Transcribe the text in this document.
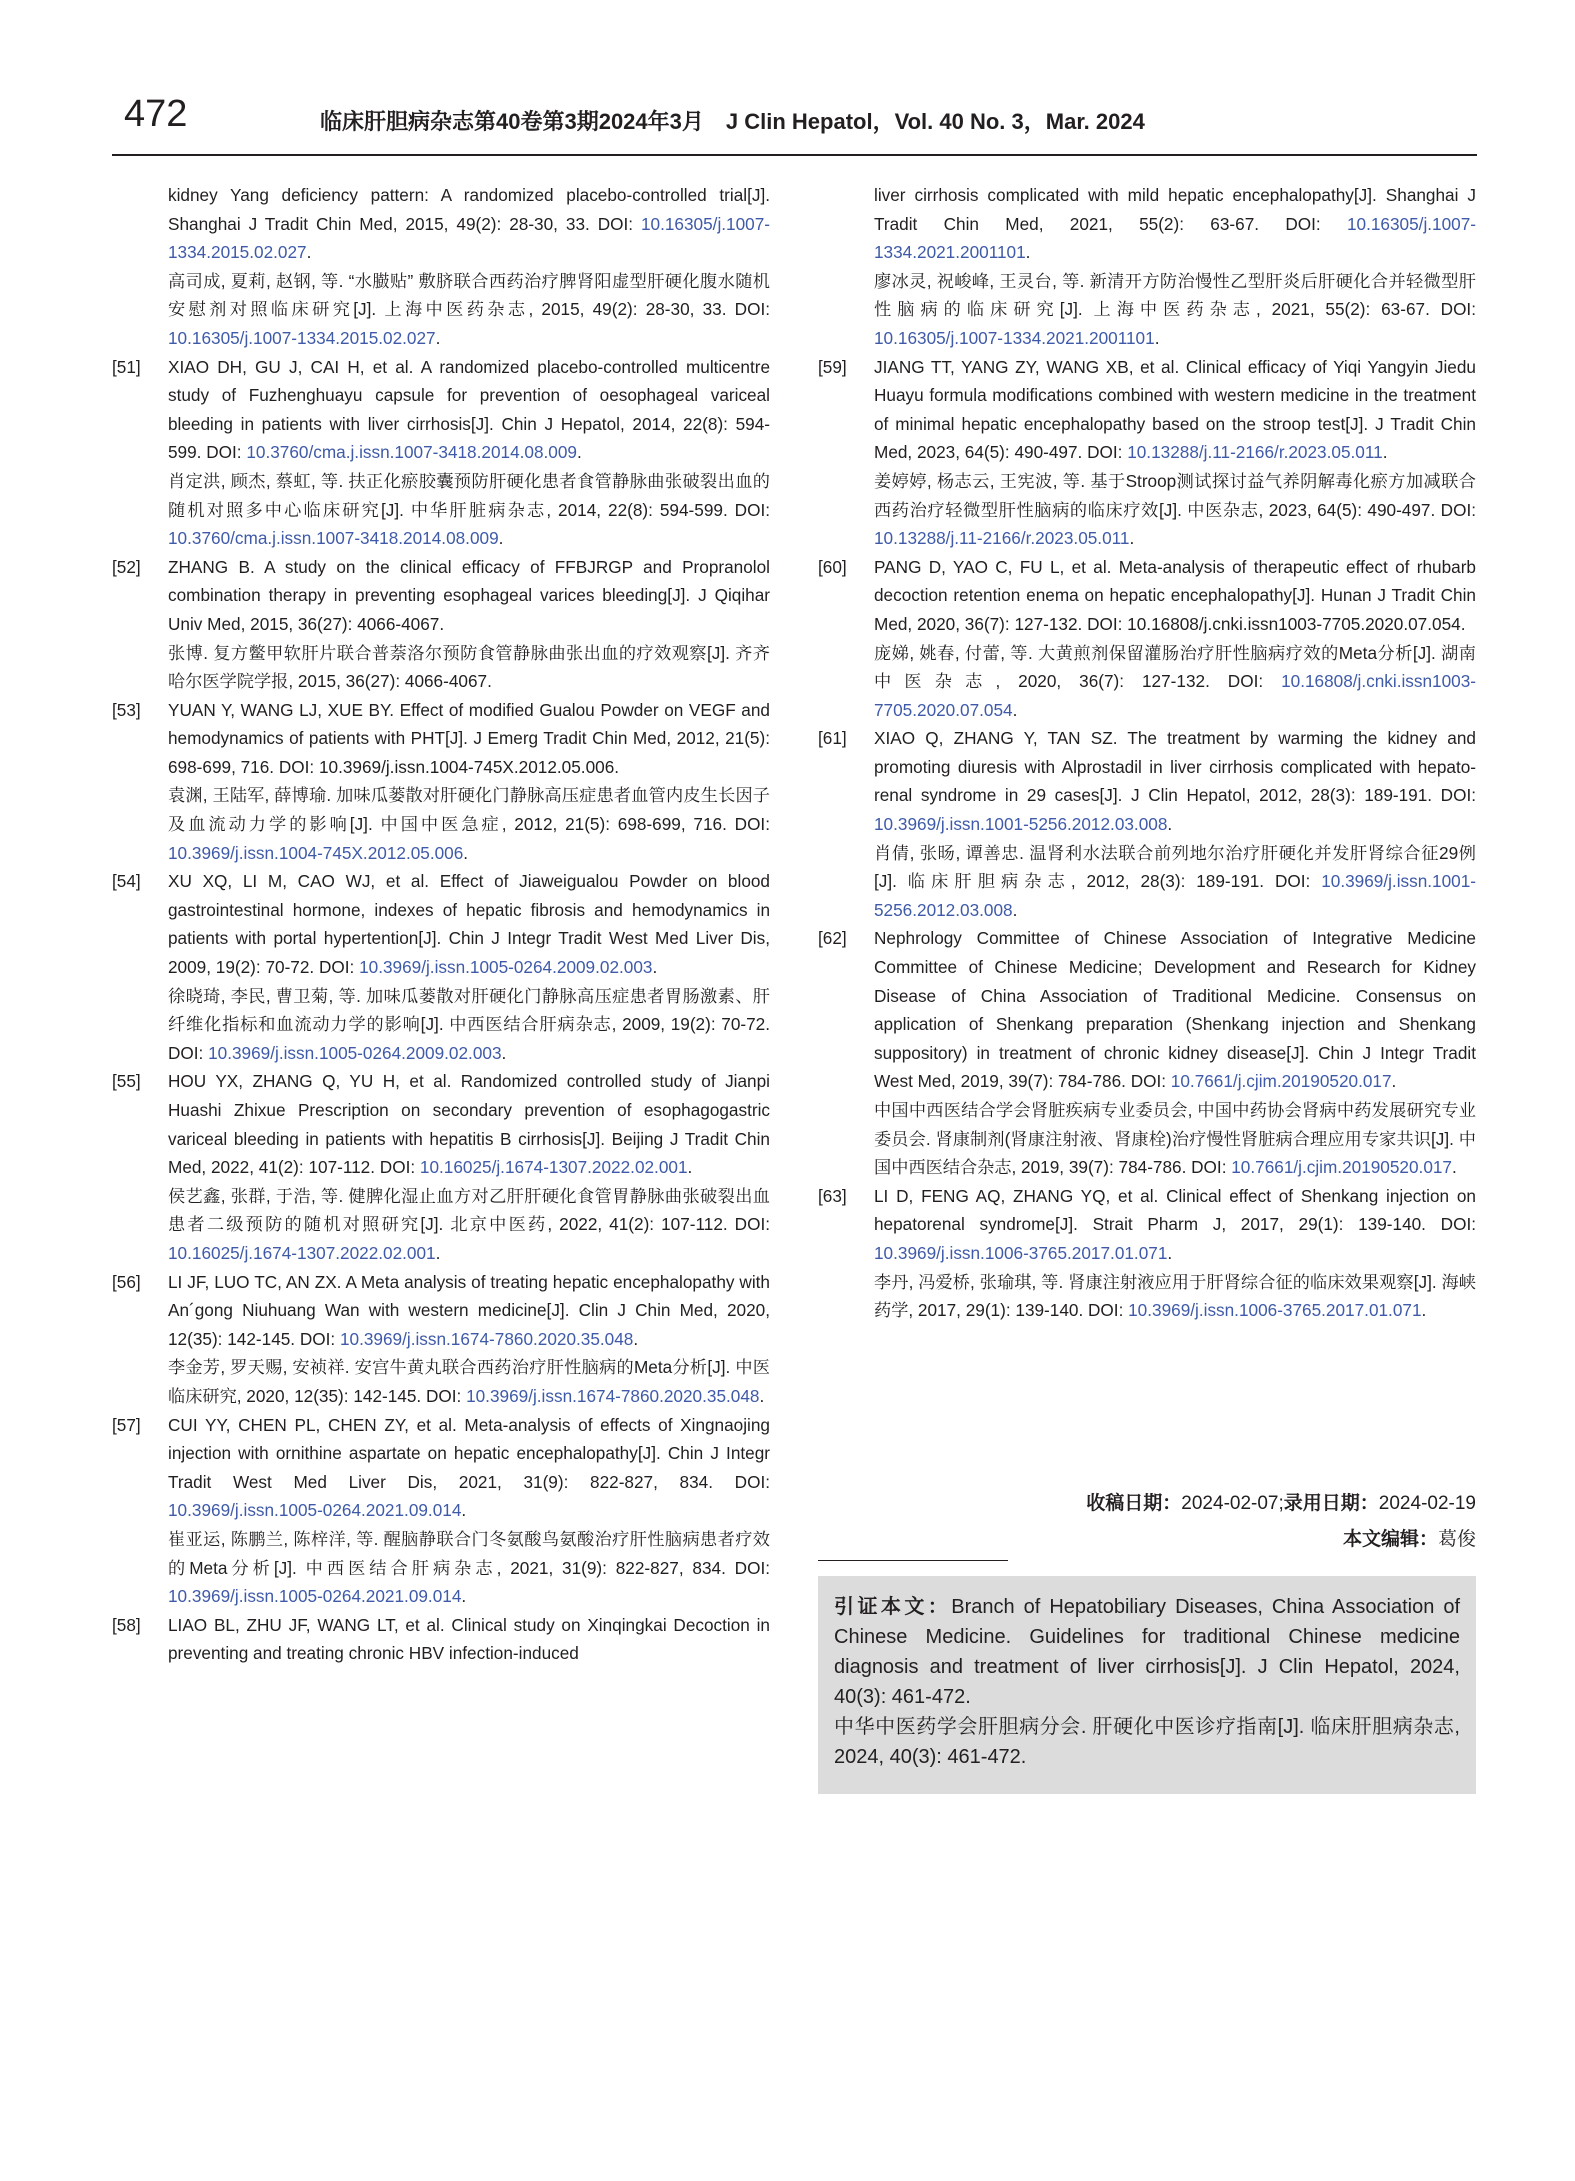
472	临床肝胆病杂志第40卷第3期2024年3月　J Clin Hepatol，Vol. 40 No. 3，Mar. 2024
kidney Yang deficiency pattern: A randomized placebo-controlled trial[J]. Shanghai J Tradit Chin Med, 2015, 49(2): 28-30, 33. DOI: 10.16305/j.1007-1334.2015.02.027.
高司成, 夏莉, 赵钢, 等. “水臌贴” 敷脐联合西药治疗脾肾阳虚型肝硬化腹水随机安慰剂对照临床研究[J]. 上海中医药杂志, 2015, 49(2): 28-30, 33. DOI: 10.16305/j.1007-1334.2015.02.027.
[51] XIAO DH, GU J, CAI H, et al. A randomized placebo-controlled multicentre study of Fuzhenghuayu capsule for prevention of oesophageal variceal bleeding in patients with liver cirrhosis[J]. Chin J Hepatol, 2014, 22(8): 594-599. DOI: 10.3760/cma.j.issn.1007-3418.2014.08.009.
肖定洪, 顾杰, 蔡虹, 等. 扶正化瘀胶囊预防肝硬化患者食管静脉曲张破裂出血的随机对照多中心临床研究[J]. 中华肝脏病杂志, 2014, 22(8): 594-599. DOI: 10.3760/cma.j.issn.1007-3418.2014.08.009.
[52] ZHANG B. A study on the clinical efficacy of FFBJRGP and Propranolol combination therapy in preventing esophageal varices bleeding[J]. J Qiqihar Univ Med, 2015, 36(27): 4066-4067.
张博. 复方鳖甲软肝片联合普萘洛尔预防食管静脉曲张出血的疗效观察[J]. 齐齐哈尔医学院学报, 2015, 36(27): 4066-4067.
[53] YUAN Y, WANG LJ, XUE BY. Effect of modified Gualou Powder on VEGF and hemodynamics of patients with PHT[J]. J Emerg Tradit Chin Med, 2012, 21(5): 698-699, 716. DOI: 10.3969/j.issn.1004-745X.2012.05.006.
袁渊, 王陆军, 薛博瑜. 加味瓜蒌散对肝硬化门静脉高压症患者血管内皮生长因子及血流动力学的影响[J]. 中国中医急症, 2012, 21(5): 698-699, 716. DOI: 10.3969/j.issn.1004-745X.2012.05.006.
[54] XU XQ, LI M, CAO WJ, et al. Effect of Jiaweigualou Powder on blood gastrointestinal hormone, indexes of hepatic fibrosis and hemodynamics in patients with portal hypertention[J]. Chin J Integr Tradit West Med Liver Dis, 2009, 19(2): 70-72. DOI: 10.3969/j.issn.1005-0264.2009.02.003.
徐晓琦, 李民, 曹卫菊, 等. 加味瓜蒌散对肝硬化门静脉高压症患者胃肠激素、肝纤维化指标和血流动力学的影响[J]. 中西医结合肝病杂志, 2009, 19(2): 70-72. DOI: 10.3969/j.issn.1005-0264.2009.02.003.
[55] HOU YX, ZHANG Q, YU H, et al. Randomized controlled study of Jianpi Huashi Zhixue Prescription on secondary prevention of esophagogastric variceal bleeding in patients with hepatitis B cirrhosis[J]. Beijing J Tradit Chin Med, 2022, 41(2): 107-112. DOI: 10.16025/j.1674-1307.2022.02.001.
侯艺鑫, 张群, 于浩, 等. 健脾化湿止血方对乙肝肝硬化食管胃静脉曲张破裂出血患者二级预防的随机对照研究[J]. 北京中医药, 2022, 41(2): 107-112. DOI: 10.16025/j.1674-1307.2022.02.001.
[56] LI JF, LUO TC, AN ZX. A Meta analysis of treating hepatic encephalopathy with An´gong Niuhuang Wan with western medicine[J]. Clin J Chin Med, 2020, 12(35): 142-145. DOI: 10.3969/j.issn.1674-7860.2020.35.048.
李金芳, 罗天赐, 安祯祥. 安宫牛黄丸联合西药治疗肝性脑病的Meta分析[J]. 中医临床研究, 2020, 12(35): 142-145. DOI: 10.3969/j.issn.1674-7860.2020.35.048.
[57] CUI YY, CHEN PL, CHEN ZY, et al. Meta-analysis of effects of Xingnaojing injection with ornithine aspartate on hepatic encephalopathy[J]. Chin J Integr Tradit West Med Liver Dis, 2021, 31(9): 822-827, 834. DOI: 10.3969/j.issn.1005-0264.2021.09.014.
崔亚运, 陈鹏兰, 陈梓洋, 等. 醒脑静联合门冬氨酸鸟氨酸治疗肝性脑病患者疗效的Meta分析[J]. 中西医结合肝病杂志, 2021, 31(9): 822-827, 834. DOI: 10.3969/j.issn.1005-0264.2021.09.014.
[58] LIAO BL, ZHU JF, WANG LT, et al. Clinical study on Xinqingkai Decoction in preventing and treating chronic HBV infection-induced
liver cirrhosis complicated with mild hepatic encephalopathy[J]. Shanghai J Tradit Chin Med, 2021, 55(2): 63-67. DOI: 10.16305/j.1007-1334.2021.2001101.
廖冰灵, 祝峻峰, 王灵台, 等. 新清开方防治慢性乙型肝炎后肝硬化合并轻微型肝性脑病的临床研究[J]. 上海中医药杂志, 2021, 55(2): 63-67. DOI: 10.16305/j.1007-1334.2021.2001101.
[59] JIANG TT, YANG ZY, WANG XB, et al. Clinical efficacy of Yiqi Yangyin Jiedu Huayu formula modifications combined with western medicine in the treatment of minimal hepatic encephalopathy based on the stroop test[J]. J Tradit Chin Med, 2023, 64(5): 490-497. DOI: 10.13288/j.11-2166/r.2023.05.011.
姜婷婷, 杨志云, 王宪波, 等. 基于Stroop测试探讨益气养阴解毒化瘀方加减联合西药治疗轻微型肝性脑病的临床疗效[J]. 中医杂志, 2023, 64(5): 490-497. DOI: 10.13288/j.11-2166/r.2023.05.011.
[60] PANG D, YAO C, FU L, et al. Meta-analysis of therapeutic effect of rhubarb decoction retention enema on hepatic encephalopathy[J]. Hunan J Tradit Chin Med, 2020, 36(7): 127-132. DOI: 10.16808/j.cnki.issn1003-7705.2020.07.054.
庞娣, 姚春, 付蕾, 等. 大黄煎剂保留灌肠治疗肝性脑病疗效的Meta分析[J]. 湖南中医杂志, 2020, 36(7): 127-132. DOI: 10.16808/j.cnki.issn1003-7705.2020.07.054.
[61] XIAO Q, ZHANG Y, TAN SZ. The treatment by warming the kidney and promoting diuresis with Alprostadil in liver cirrhosis complicated with hepato-renal syndrome in 29 cases[J]. J Clin Hepatol, 2012, 28(3): 189-191. DOI: 10.3969/j.issn.1001-5256.2012.03.008.
肖倩, 张旸, 谭善忠. 温肾利水法联合前列地尔治疗肝硬化并发肝肾综合征29例[J]. 临床肝胆病杂志, 2012, 28(3): 189-191. DOI: 10.3969/j.issn.1001-5256.2012.03.008.
[62] Nephrology Committee of Chinese Association of Integrative Medicine Committee of Chinese Medicine; Development and Research for Kidney Disease of China Association of Traditional Medicine. Consensus on application of Shenkang preparation (Shenkang injection and Shenkang suppository) in treatment of chronic kidney disease[J]. Chin J Integr Tradit West Med, 2019, 39(7): 784-786. DOI: 10.7661/j.cjim.20190520.017.
中国中西医结合学会肾脏疾病专业委员会, 中国中药协会肾病中药发展研究专业委员会. 肾康制剂(肾康注射液、肾康栓)治疗慢性肾脏病合理应用专家共识[J]. 中国中西医结合杂志, 2019, 39(7): 784-786. DOI: 10.7661/j.cjim.20190520.017.
[63] LI D, FENG AQ, ZHANG YQ, et al. Clinical effect of Shenkang injection on hepatorenal syndrome[J]. Strait Pharm J, 2017, 29(1): 139-140. DOI: 10.3969/j.issn.1006-3765.2017.01.071.
李丹, 冯爱桥, 张瑜琪, 等. 肾康注射液应用于肝肾综合征的临床效果观察[J]. 海峡药学, 2017, 29(1): 139-140. DOI: 10.3969/j.issn.1006-3765.2017.01.071.
收稿日期：2024-02-07;录用日期：2024-02-19
本文编辑：葛俊
引证本文：Branch of Hepatobiliary Diseases, China Association of Chinese Medicine. Guidelines for traditional Chinese medicine diagnosis and treatment of liver cirrhosis[J]. J Clin Hepatol, 2024, 40(3): 461-472.
中华中医药学会肝胆病分会. 肝硬化中医诊疗指南[J]. 临床肝胆病杂志, 2024, 40(3): 461-472.
